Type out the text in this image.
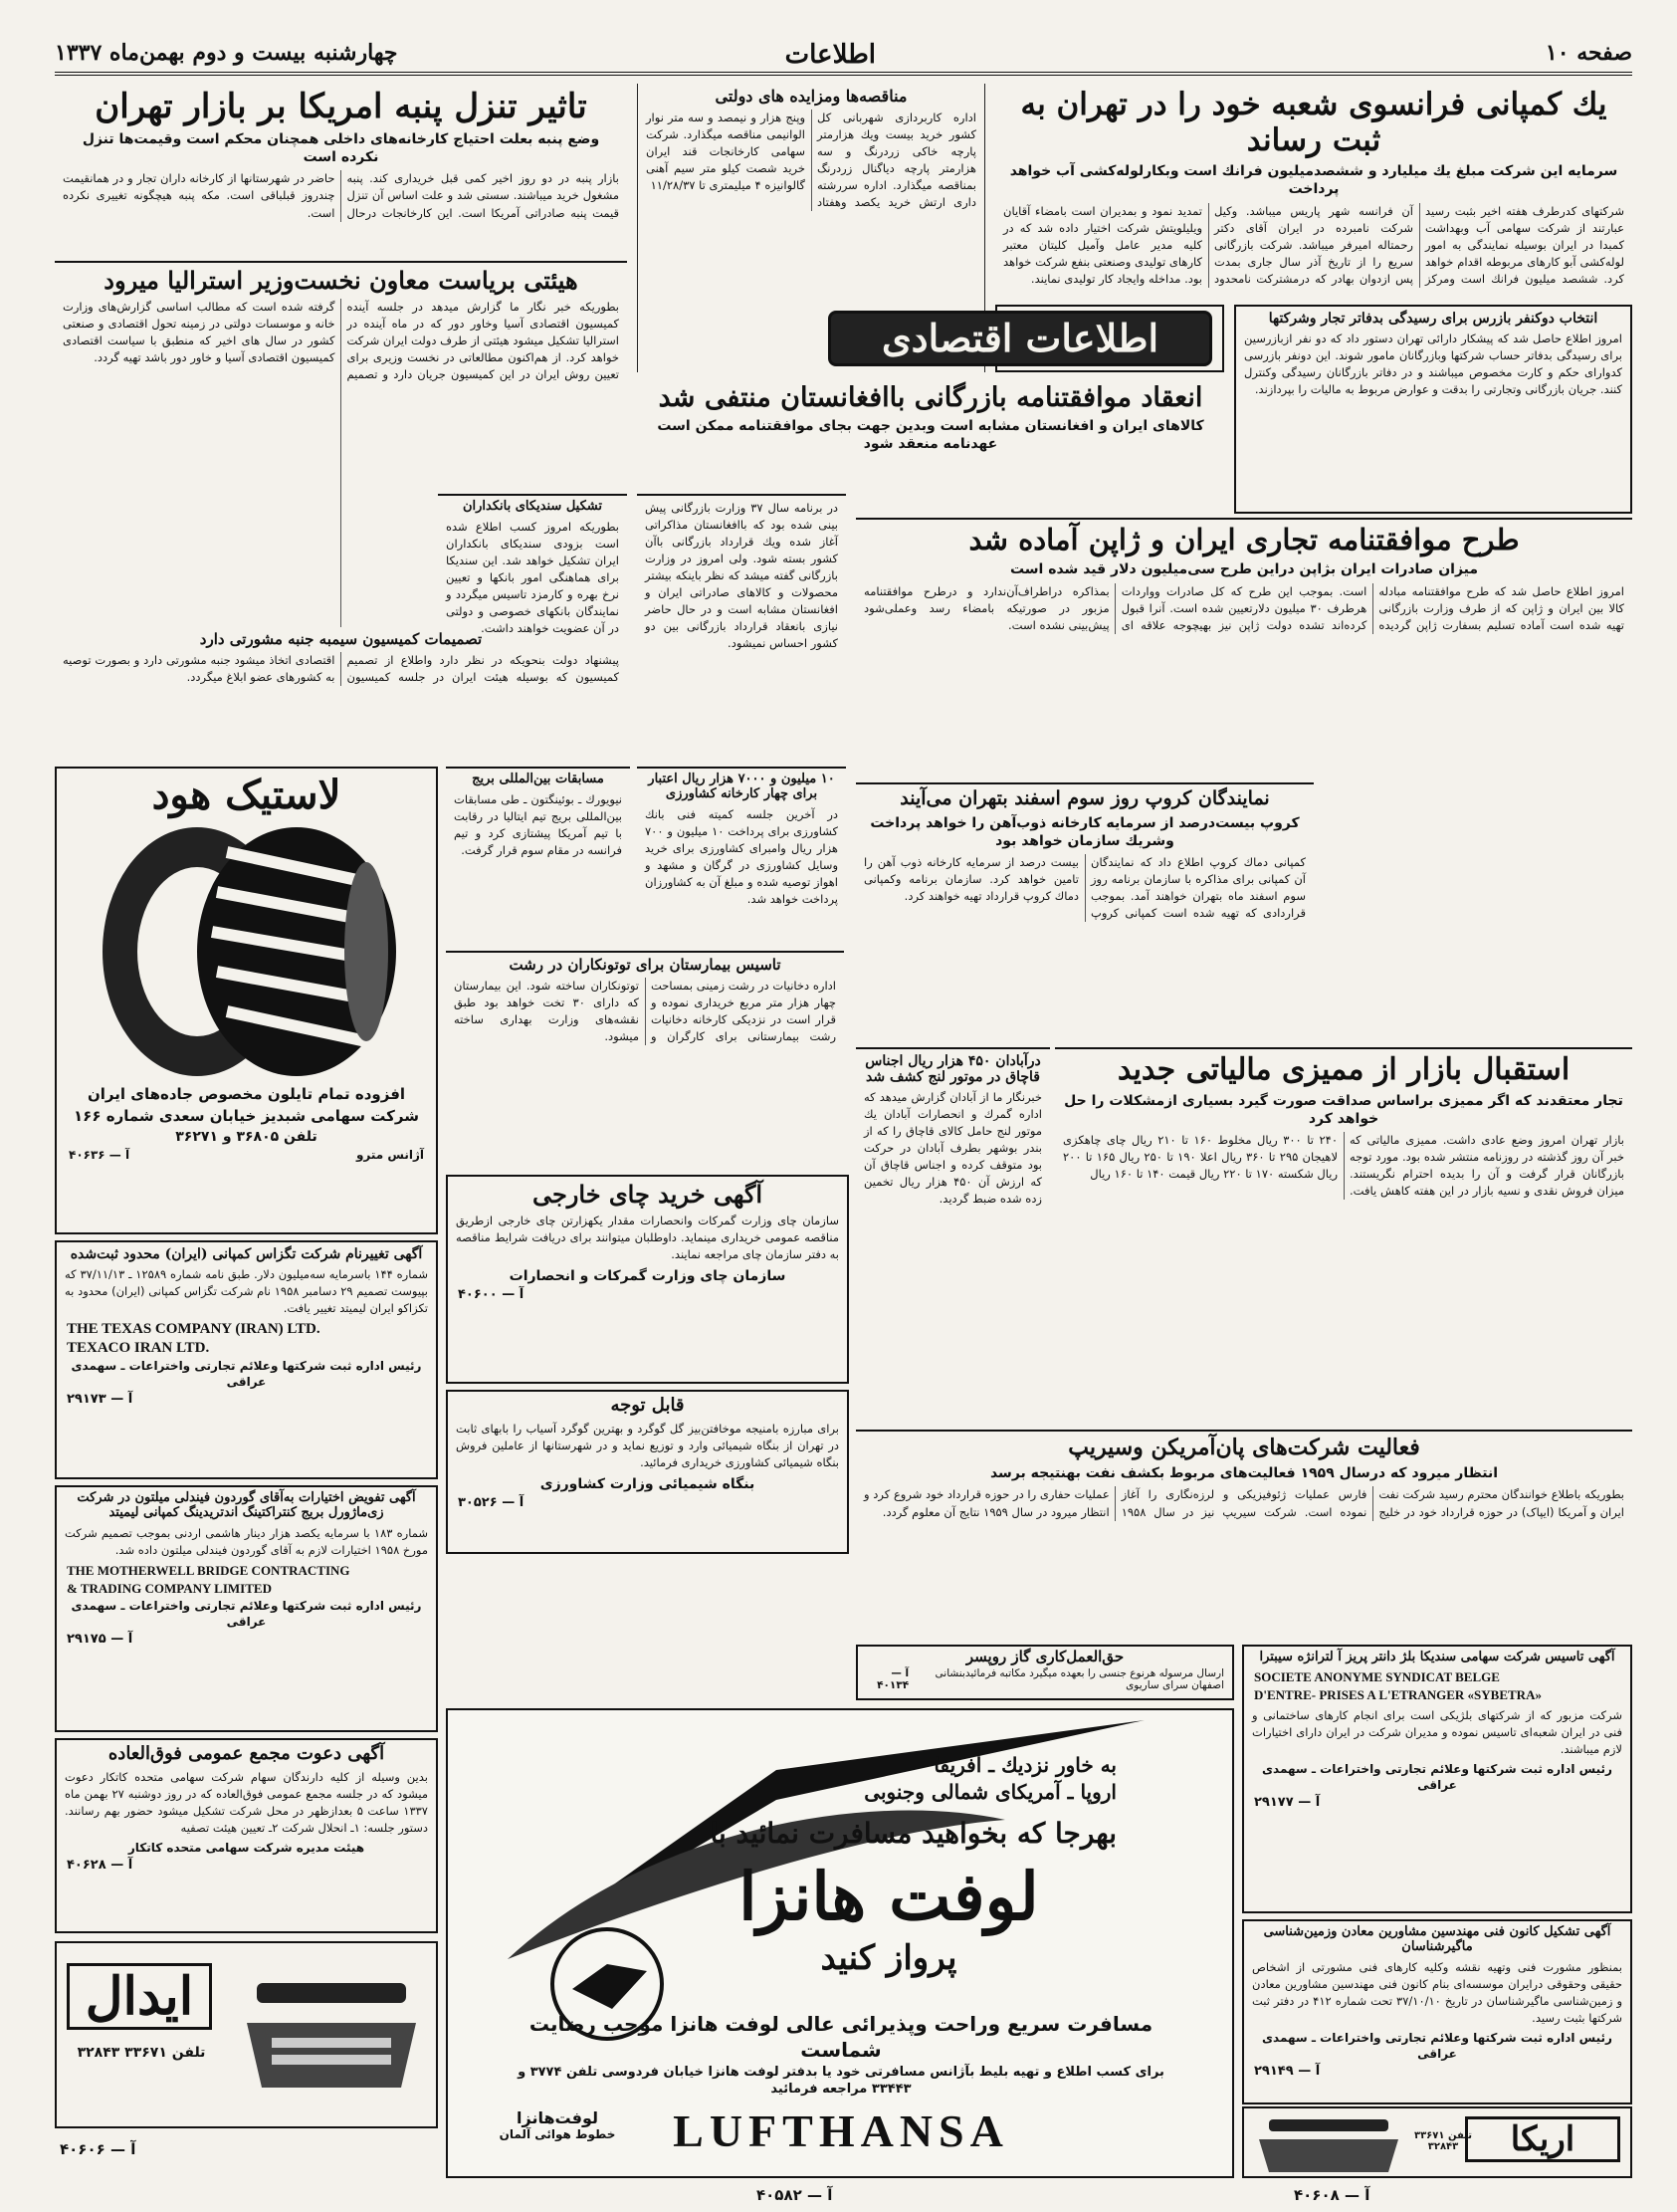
صفحه ۱۰
اطلاعات
چهارشنبه بیست و دوم بهمن‌ماه ۱۳۳۷
یك کمپانی فرانسوی شعبه خود را در تهران به ثبت رساند
سرمایه این شرکت مبلغ یك میلیارد و ششصدمیلیون فرانك است وبکارلوله‌کشی آب خواهد پرداخت
شرکتهای کدرطرف هفته اخیر بثبت رسید عبارتند از شرکت سهامی آب وبهداشت کمبدا در ایران بوسیله نمایندگی به امور لوله‌کشی آبو کارهای مربوطه اقدام خواهد کرد. ششصد میلیون فرانك است ومرکز آن فرانسه شهر پاریس میباشد. وکیل شرکت نامبرده در ایران آقای دکتر رحمتاله امیرفر میباشد. شرکت بازرگانی سریع را از تاریخ آذر سال جاری بمدت پس ازدوان بهادر که درمشترکت نامحدود تمدید نمود و بمدیران است بامضاء آقایان ویلیلویتش شرکت اختیار داده شد که در کلیه مدیر عامل وآمیل کلیتان معتبر کارهای تولیدی وصنعتی بنفع شرکت خواهد بود. مداخله وایجاد کار تولیدی نمایند.
مناقصه‌ها ومزایده های دولتی
اداره کاربردازی شهربانی کل کشور خرید بیست ویك هزارمتر پارچه خاکی زردرنگ و سه هزارمتر پارچه دیاگنال زردرنگ بمناقصه میگذارد. اداره سررشته داری ارتش خرید یکصد وهفتاد وپنج هزار و نیمصد و سه متر نوار الوانیمی مناقصه میگذارد. شرکت سهامی کارخانجات قند ایران خرید شصت کیلو متر سیم آهنی گالوانیزه ۴ میلیمتری تا ۱۱/۲۸/۳۷
تاثیر تنزل پنبه امریکا بر بازار تهران
وضع پنبه بعلت احتیاج کارخانه‌های داخلی همچنان محکم است وقیمت‌ها تنزل نکرده است
بازار پنبه در دو روز اخیر کمی قبل خریداری کند. پنبه مشغول خرید میباشند. سستی شد و علت اساس آن تنزل قیمت پنبه صادراتی آمریکا است. این کارخانجات درحال حاضر در شهرستانها از کارخانه داران تجار و در همانقیمت چندروز قبلباقی است. مکه پنبه هیچگونه تغییری نکرده است.
اطلاعات اقتصادی	انتخاب دوکنفر بازرس برای رسیدگی بدفاتر تجار وشرکتها
امروز اطلاع حاصل شد که پیشکار دارائی تهران دستور داد که دو نفر ازبازرسین برای رسیدگی بدفاتر حساب شرکتها وبازرگانان مامور شوند. این دونفر بازرسی کدوارای حکم و کارت مخصوص میباشند و در دفاتر بازرگانان رسیدگی وکنترل کنند. جریان بازرگانی وتجارتی را بدقت و عوارض مربوط به مالیات را بپردازند.
انعقاد موافقتنامه بازرگانی باافغانستان منتفی شد
کالاهای ایران و افغانستان مشابه است وبدین جهت بجای موافقتنامه ممکن است عهدنامه منعقد شود
هیئتی بریاست معاون نخست‌وزیر استرالیا میرود
بطوریکه خبر نگار ما گزارش میدهد در جلسه آینده کمیسیون اقتصادی آسیا وخاور دور که در ماه آینده در استرالیا تشکیل میشود هیئتی از طرف دولت ایران شرکت خواهد کرد. از هم‌اکنون مطالعاتی در نخست وزیری برای تعیین روش ایران در این کمیسیون جریان دارد و تصمیم گرفته شده است که مطالب اساسی گزارش‌های وزارت خانه و موسسات دولتی در زمینه تحول اقتصادی و صنعتی کشور در سال های اخیر که منطبق با سیاست اقتصادی کمیسیون اقتصادی آسیا و خاور دور باشد تهیه گردد.
تصمیمات کمیسیون سیمبه جنبه مشورتی دارد
پیشنهاد دولت بنحویکه در نظر دارد واطلاع از تصمیم کمیسیون که بوسیله هیئت ایران در جلسه کمیسیون اقتصادی اتخاذ میشود جنبه مشورتی دارد و بصورت توصیه به کشورهای عضو ابلاغ میگردد.
در برنامه سال ۳۷ وزارت بازرگانی پیش بینی شده بود که باافغانستان مذاکراتی آغاز شده ویك قرارداد بازرگانی باآن کشور بسته شود. ولی امروز در وزارت بازرگانی گفته میشد که نظر باینکه بیشتر محصولات و کالاهای صادراتی ایران و افغانستان مشابه است و در حال حاضر نیازی بانعقاد قرارداد بازرگانی بین دو کشور احساس نمیشود.
تشکیل سندیکای بانکداران
بطوریکه امروز کسب اطلاع شده است بزودی سندیکای بانکداران ایران تشکیل خواهد شد. این سندیکا برای هماهنگی امور بانکها و تعیین نرخ بهره و کارمزد تاسیس میگردد و نمایندگان بانکهای خصوصی و دولتی در آن عضویت خواهند داشت.
طرح موافقتنامه تجاری ایران و ژاپن آماده شد
میزان صادرات ایران بژاپن دراین طرح سی‌میلیون دلار قید شده است
امروز اطلاع حاصل شد که طرح موافقتنامه مبادله کالا بین ایران و ژاپن که از طرف وزارت بازرگانی تهیه شده است آماده تسلیم بسفارت ژاپن گردیده است. بموجب این طرح که کل صادرات وواردات هرطرف ۳۰ میلیون دلارتعیین شده است. آنرا قبول کرده‌اند تشده دولت ژاپن نیز بهیچوجه علاقه ای بمذاکره دراطراف‌آن‌ندارد و درطرح موافقتنامه مزبور در صورتیکه بامضاء رسد وعملی‌شود پیش‌بینی نشده است.
نمایندگان کروپ روز سوم اسفند بتهران می‌آیند
کروپ بیست‌درصد از سرمایه کارخانه ذوب‌آهن را خواهد پرداخت وشریك سازمان خواهد بود
کمپانی دماك کروپ اطلاع داد که نمایندگان آن کمپانی برای مذاکره با سازمان برنامه روز سوم اسفند ماه بتهران خواهند آمد. بموجب قراردادی که تهیه شده است کمپانی کروپ بیست درصد از سرمایه کارخانه ذوب آهن را تامین خواهد کرد. سازمان برنامه وکمپانی دماك کروپ قرارداد تهیه خواهند کرد.
لاستیک هود
افزوده تمام تایلون مخصوص جاده‌های ایران
شرکت سهامی شبدیز خیابان سعدی شماره ۱۶۶
تلفن ۳۶۸۰۵ و ۳۶۲۷۱
آژانس مترو
آ — ۴۰۶۳۶
مسابقات بین‌المللی بریج
نیویورك ـ بوئینگتون ـ طی مسابقات بین‌المللی بریج تیم ایتالیا در رقابت با تیم آمریکا پیشتازی کرد و تیم فرانسه در مقام سوم قرار گرفت.
۱۰ میلیون و ۷۰۰۰ هزار ریال اعتبار برای چهار کارخانه کشاورزی
در آخرین جلسه کمیته فنی بانك کشاورزی برای پرداخت ۱۰ میلیون و ۷۰۰ هزار ریال وامبرای کشاورزی برای خرید وسایل کشاورزی در گرگان و مشهد و اهواز توصیه شده و مبلغ آن به کشاورزان پرداخت خواهد شد.
تاسیس بیمارستان برای توتونکاران در رشت
اداره دخانیات در رشت زمینی بمساحت چهار هزار متر مربع خریداری نموده و قرار است در نزدیکی کارخانه دخانیات رشت بیمارستانی برای کارگران و توتونکاران ساخته شود. این بیمارستان که دارای ۳۰ تخت خواهد بود طبق نقشه‌های وزارت بهداری ساخته میشود.
استقبال بازار از ممیزی مالیاتی جدید
تجار معتقدند که اگر ممیزی براساس صداقت صورت گیرد بسیاری ازمشکلات را حل خواهد کرد
بازار تهران امروز وضع عادی داشت. ممیزی مالیاتی که خبر آن روز گذشته در روزنامه منتشر شده بود. مورد توجه بازرگانان قرار گرفت و آن را بدیده احترام نگریستند. میزان فروش نقدی و نسیه بازار در این هفته کاهش یافت. ۲۴۰ تا ۳۰۰ ریال مخلوط ۱۶۰ تا ۲۱۰ ریال چای چاهکزی لاهیجان ۲۹۵ تا ۳۶۰ ریال اعلا ۱۹۰ تا ۲۵۰ ریال ۱۶۵ تا ۲۰۰ ریال شکسته ۱۷۰ تا ۲۲۰ ریال قیمت ۱۴۰ تا ۱۶۰ ریال
درآبادان ۴۵۰ هزار ریال اجناس قاچاق در موتور لنج کشف شد
خبرنگار ما از آبادان گزارش میدهد که اداره گمرك و انحصارات آبادان یك موتور لنج حامل کالای قاچاق را که از بندر بوشهر بطرف آبادان در حرکت بود متوقف کرده و اجناس قاچاق آن که ارزش آن ۴۵۰ هزار ریال تخمین زده شده ضبط گردید.
فعالیت شرکت‌های پان‌آمریکن وسیریپ
انتظار میرود که درسال ۱۹۵۹ فعالیت‌های مربوط بکشف نفت بهنتیجه برسد
بطوریکه باطلاع خوانندگان محترم رسید شرکت نفت ایران و آمریکا (ایپاک) در حوزه قرارداد خود در خلیج فارس عملیات ژئوفیزیکی و لرزه‌نگاری را آغاز نموده است. شرکت سیریپ نیز در سال ۱۹۵۸ عملیات حفاری را در حوزه قرارداد خود شروع کرد و انتظار میرود در سال ۱۹۵۹ نتایج آن معلوم گردد.
آگهی خرید چای خارجی
سازمان چای وزارت گمرکات وانحصارات مقدار یکهزارتن چای خارجی ازطریق مناقصه عمومی خریداری مینماید. داوطلبان میتوانند برای دریافت شرایط مناقصه به دفتر سازمان چای مراجعه نمایند.
سازمان چای وزارت گمرکات و انحصارات
آ — ۴۰۶۰۰
قابل توجه
برای مبارزه بامنیجه موخافتن‌بیز گل گوگرد و بهترین گوگرد آسیاب را بابهای ثابت در تهران از بنگاه شیمیائی وارد و توزیع نماید و در شهرستانها از عاملین فروش بنگاه شیمیائی کشاورزی خریداری فرمائید.
بنگاه شیمیائی وزارت کشاورزی
آ — ۳۰۵۲۶
آگهی تغییرنام شرکت تگزاس کمپانی (ایران) محدود ثبت‌شده
شماره ۱۴۴ باسرمایه سه‌میلیون دلار. طبق نامه شماره ۱۲۵۸۹ ـ ۳۷/۱۱/۱۳ که بپیوست تصمیم ۲۹ دسامبر ۱۹۵۸ نام شرکت تگزاس کمپانی (ایران) محدود به تکزاکو ایران لیمیتد تغییر یافت.
THE TEXAS COMPANY (IRAN) LTD.
TEXACO IRAN LTD.
رئیس اداره ثبت شرکتها وعلائم تجارتی واختراعات ـ سهمدی عراقی
آ — ۲۹۱۷۳
آگهی تفویض اختیارات به‌آقای گوردون فیندلی میلتون در شرکت زی‌ماژورل بریج کنتراکتینگ اندتریدینگ کمپانی لیمیتد
شماره ۱۸۳ با سرمایه یکصد هزار دینار هاشمی اردنی بموجب تصمیم شرکت مورخ ۱۹۵۸ اختیارات لازم به آقای گوردون فیندلی میلتون داده شد.
THE MOTHERWELL BRIDGE CONTRACTING
& TRADING COMPANY LIMITED
رئیس اداره ثبت شرکتها وعلائم تجارتی واختراعات ـ سهمدی عراقی
آ — ۲۹۱۷۵
آگهی دعوت مجمع عمومی فوق‌العاده
بدین وسیله از کلیه دارندگان سهام شرکت سهامی متحده کاتکار دعوت میشود که در جلسه مجمع عمومی فوق‌العاده که در روز دوشنبه ۲۷ بهمن ماه ۱۳۳۷ ساعت ۵ بعدازظهر در محل شرکت تشکیل میشود حضور بهم رسانند. دستور جلسه: ۱ـ انحلال شرکت ۲ـ تعیین هیئت تصفیه
هیئت مدیره شرکت سهامی متحده کاتکار
آ — ۴۰۶۲۸
حق‌العمل‌کاری گاز روپسر
ارسال مرسوله هرنوع جنسی را بعهده میگیرد مکاتبه فرمائیدبنشانی اصفهان سرای ساریوی
آ — ۴۰۱۳۴
آگهی تاسیس شرکت سهامی سندیکا بلژ دانتر پریز آ لترانژه سیبترا
SOCIETE ANONYME SYNDICAT BELGE
D'ENTRE- PRISES A L'ETRANGER «SYBETRA»
شرکت مزبور که از شرکتهای بلژیکی است برای انجام کارهای ساختمانی و فنی در ایران شعبه‌ای تاسیس نموده و مدیران شرکت در ایران دارای اختیارات لازم میباشند.
رئیس اداره ثبت شرکتها وعلائم تجارتی واختراعات ـ سهمدی عراقی
آ — ۲۹۱۷۷
آگهی تشکیل کانون فنی مهندسین مشاورین معادن وزمین‌شناسی ماگیرشناسان
بمنظور مشورت فنی وتهیه نقشه وکلیه کارهای فنی مشورتی از اشخاص حقیقی وحقوقی درایران موسسه‌ای بنام کانون فنی مهندسین مشاورین معادن و زمین‌شناسی ماگیرشناسان در تاریخ ۳۷/۱۰/۱۰ تحت شماره ۴۱۲ در دفتر ثبت شرکتها بثبت رسید.
رئیس اداره ثبت شرکتها وعلائم تجارتی واختراعات ـ سهمدی عراقی
آ — ۲۹۱۴۹
به خاور نزدیك ـ آفریقا
اروپا ـ آمریکای شمالی وجنوبی
بهرجا که بخواهید مسافرت نمائید با
لوفت هانزا
پرواز کنید
مسافرت سریع وراحت وپذیرائی عالی لوفت هانزا موجب رضایت شماست
برای کسب اطلاع و تهیه بلیط بآژانس مسافرتی خود یا بدفتر لوفت هانزا خیابان فردوسی تلفن ۳۷۷۴ و ۳۳۴۴۳ مراجعه فرمائید
LUFTHANSA
لوفت‌هانزا
خطوط هوائی آلمان
ایدال
تلفن ۳۳۶۷۱ ۳۲۸۴۳
آ — ۴۰۶۰۶
آ — ۴۰۵۸۲
اریکا
تلفن ۳۳۶۷۱ ۳۲۸۴۳
آ — ۴۰۶۰۸
